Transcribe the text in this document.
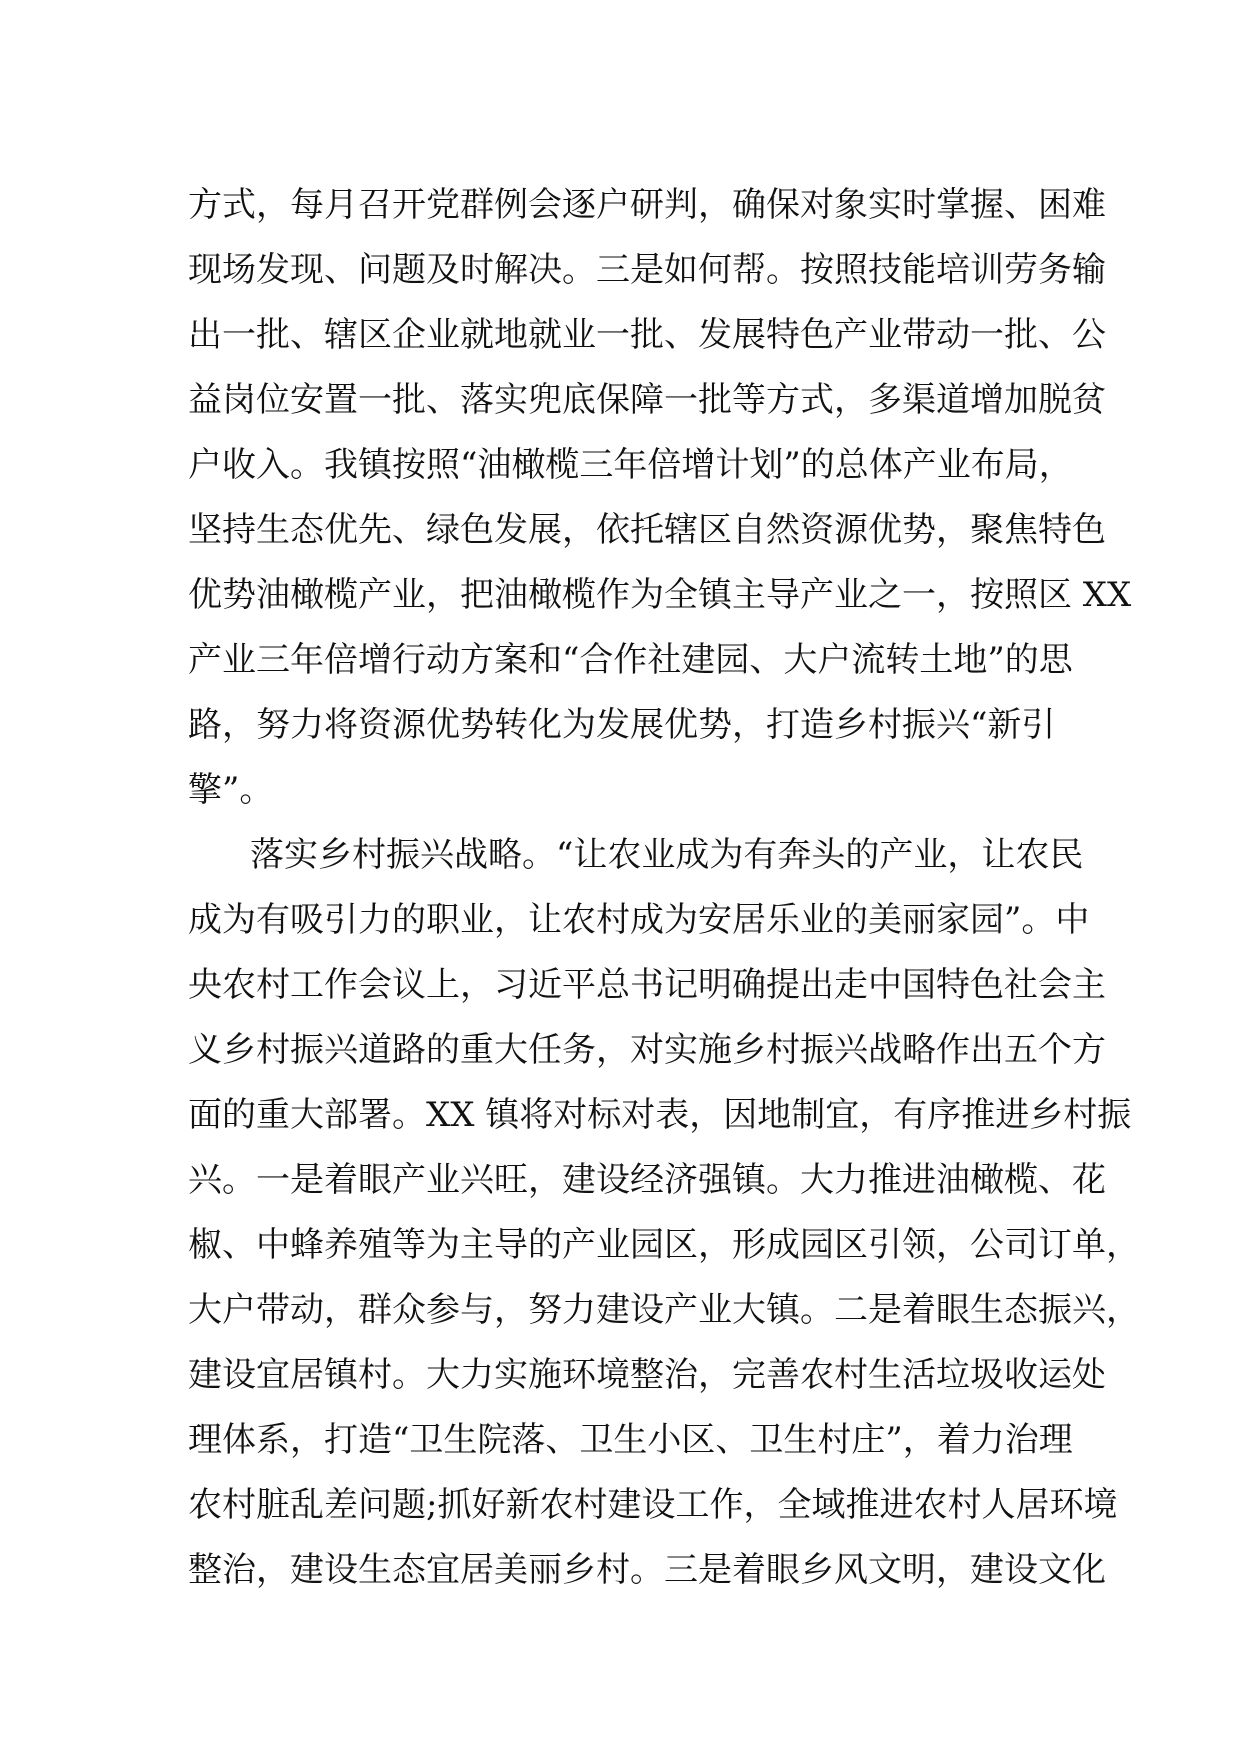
方式，每月召开党群例会逐户研判，确保对象实时掌握、困难
现场发现、问题及时解决。三是如何帮。按照技能培训劳务输
出一批、辖区企业就地就业一批、发展特色产业带动一批、公
益岗位安置一批、落实兜底保障一批等方式，多渠道增加脱贫
户收入。我镇按照“油橄榄三年倍增计划”的总体产业布局，
坚持生态优先、绿色发展，依托辖区自然资源优势，聚焦特色
优势油橄榄产业，把油橄榄作为全镇主导产业之一，按照区 XX
产业三年倍增行动方案和“合作社建园、大户流转土地”的思
路，努力将资源优势转化为发展优势，打造乡村振兴“新引
擎”。
落实乡村振兴战略。“让农业成为有奔头的产业，让农民
成为有吸引力的职业，让农村成为安居乐业的美丽家园”。中
央农村工作会议上，习近平总书记明确提出走中国特色社会主
义乡村振兴道路的重大任务，对实施乡村振兴战略作出五个方
面的重大部署。XX 镇将对标对表，因地制宜，有序推进乡村振
兴。一是着眼产业兴旺，建设经济强镇。大力推进油橄榄、花
椒、中蜂养殖等为主导的产业园区，形成园区引领，公司订单，
大户带动，群众参与，努力建设产业大镇。二是着眼生态振兴，
建设宜居镇村。大力实施环境整治，完善农村生活垃圾收运处
理体系，打造“卫生院落、卫生小区、卫生村庄”，着力治理
农村脏乱差问题;抓好新农村建设工作，全域推进农村人居环境
整治，建设生态宜居美丽乡村。三是着眼乡风文明，建设文化
